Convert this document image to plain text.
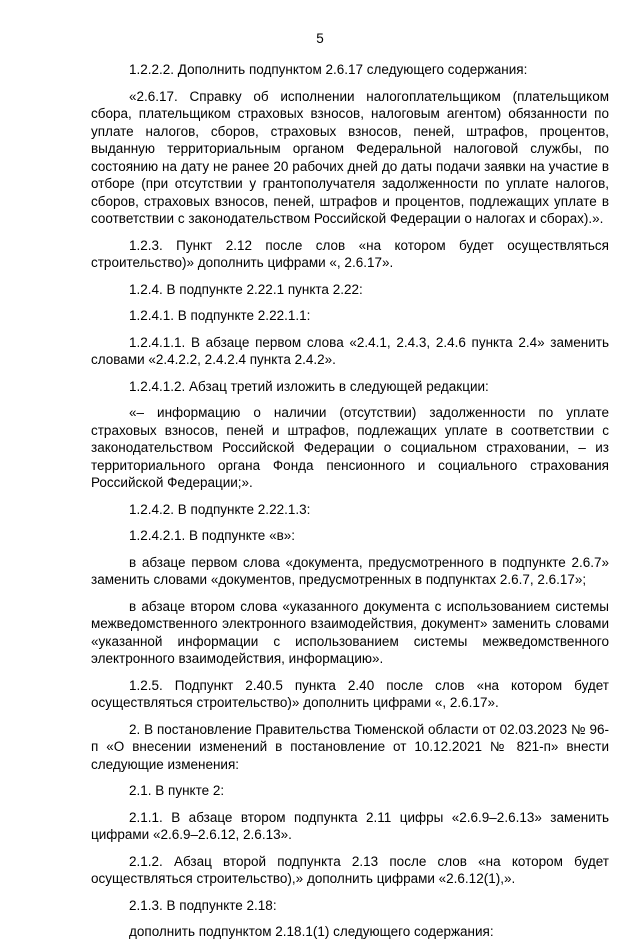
5

1.2.2.2. Дополнить подпунктом 2.6.17 следующего содержания:

«2.6.17. Справку об исполнении налогоплательщиком (плательщиком сбора, плательщиком страховых взносов, налоговым агентом) обязанности по уплате налогов, сборов, страховых взносов, пеней, штрафов, процентов, выданную территориальным органом Федеральной налоговой службы, по состоянию на дату не ранее 20 рабочих дней до даты подачи заявки на участие в отборе (при отсутствии у грантополучателя задолженности по уплате налогов, сборов, страховых взносов, пеней, штрафов и процентов, подлежащих уплате в соответствии с законодательством Российской Федерации о налогах и сборах).».

1.2.3. Пункт 2.12 после слов «на котором будет осуществляться строительство)» дополнить цифрами «, 2.6.17».

1.2.4. В подпункте 2.22.1 пункта 2.22:

1.2.4.1. В подпункте 2.22.1.1:

1.2.4.1.1. В абзаце первом слова «2.4.1, 2.4.3, 2.4.6 пункта 2.4» заменить словами «2.4.2.2, 2.4.2.4 пункта 2.4.2».

1.2.4.1.2. Абзац третий изложить в следующей редакции:

«– информацию о наличии (отсутствии) задолженности по уплате страховых взносов, пеней и штрафов, подлежащих уплате в соответствии с законодательством Российской Федерации о социальном страховании, – из территориального органа Фонда пенсионного и социального страхования Российской Федерации;».

1.2.4.2. В подпункте 2.22.1.3:

1.2.4.2.1. В подпункте «в»:

в абзаце первом слова «документа, предусмотренного в подпункте 2.6.7» заменить словами «документов, предусмотренных в подпунктах 2.6.7, 2.6.17»;

в абзаце втором слова «указанного документа с использованием системы межведомственного электронного взаимодействия, документ» заменить словами «указанной информации с использованием системы межведомственного электронного взаимодействия, информацию».

1.2.5. Подпункт 2.40.5 пункта 2.40 после слов «на котором будет осуществляться строительство)» дополнить цифрами «, 2.6.17».

2. В постановление Правительства Тюменской области от 02.03.2023 № 96-п «О внесении изменений в постановление от 10.12.2021 № 821-п» внести следующие изменения:

2.1. В пункте 2:

2.1.1. В абзаце втором подпункта 2.11 цифры «2.6.9–2.6.13» заменить цифрами «2.6.9–2.6.12, 2.6.13».

2.1.2. Абзац второй подпункта 2.13 после слов «на котором будет осуществляться строительство),» дополнить цифрами «2.6.12(1),».

2.1.3. В подпункте 2.18:

дополнить подпунктом 2.18.1(1) следующего содержания:
